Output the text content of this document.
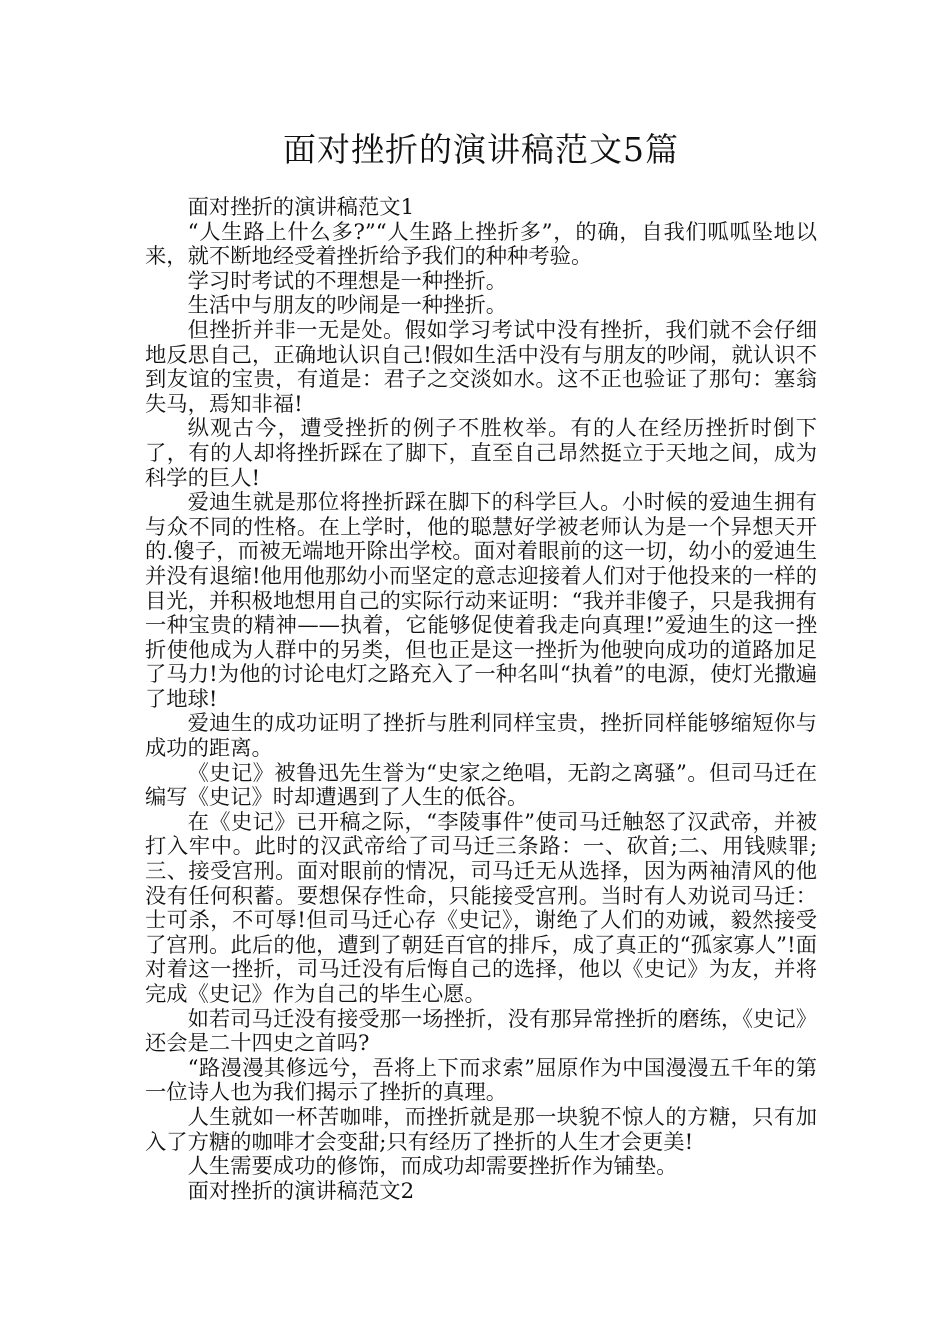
面对挫折的演讲稿范文5篇

面对挫折的演讲稿范文1

“人生路上什么多?”“人生路上挫折多”，的确，自我们呱呱坠地以来，就不断地经受着挫折给予我们的种种考验。

学习时考试的不理想是一种挫折。

生活中与朋友的吵闹是一种挫折。

但挫折并非一无是处。假如学习考试中没有挫折，我们就不会仔细地反思自己，正确地认识自己!假如生活中没有与朋友的吵闹，就认识不到友谊的宝贵，有道是：君子之交淡如水。这不正也验证了那句：塞翁失马，焉知非福!

纵观古今，遭受挫折的例子不胜枚举。有的人在经历挫折时倒下了，有的人却将挫折踩在了脚下，直至自己昂然挺立于天地之间，成为科学的巨人!

爱迪生就是那位将挫折踩在脚下的科学巨人。小时候的爱迪生拥有与众不同的性格。在上学时，他的聪慧好学被老师认为是一个异想天开的.傻子，而被无端地开除出学校。面对着眼前的这一切，幼小的爱迪生并没有退缩!他用他那幼小而坚定的意志迎接着人们对于他投来的一样的目光，并积极地想用自己的实际行动来证明：“我并非傻子，只是我拥有一种宝贵的精神——执着，它能够促使着我走向真理!”爱迪生的这一挫折使他成为人群中的另类，但也正是这一挫折为他驶向成功的道路加足了马力!为他的讨论电灯之路充入了一种名叫“执着”的电源，使灯光撒遍了地球!

爱迪生的成功证明了挫折与胜利同样宝贵，挫折同样能够缩短你与成功的距离。

《史记》被鲁迅先生誉为“史家之绝唱，无韵之离骚”。但司马迁在编写《史记》时却遭遇到了人生的低谷。

在《史记》已开稿之际，“李陵事件”使司马迁触怒了汉武帝，并被打入牢中。此时的汉武帝给了司马迁三条路：一、砍首;二、用钱赎罪;三、接受宫刑。面对眼前的情况，司马迁无从选择，因为两袖清风的他没有任何积蓄。要想保存性命，只能接受宫刑。当时有人劝说司马迁：士可杀，不可辱!但司马迁心存《史记》，谢绝了人们的劝诫，毅然接受了宫刑。此后的他，遭到了朝廷百官的排斥，成了真正的“孤家寡人”!面对着这一挫折，司马迁没有后悔自己的选择，他以《史记》为友，并将完成《史记》作为自己的毕生心愿。

如若司马迁没有接受那一场挫折，没有那异常挫折的磨练，《史记》还会是二十四史之首吗?

“路漫漫其修远兮，吾将上下而求索”屈原作为中国漫漫五千年的第一位诗人也为我们揭示了挫折的真理。

人生就如一杯苦咖啡，而挫折就是那一块貌不惊人的方糖，只有加入了方糖的咖啡才会变甜;只有经历了挫折的人生才会更美!

人生需要成功的修饰，而成功却需要挫折作为铺垫。

面对挫折的演讲稿范文2
